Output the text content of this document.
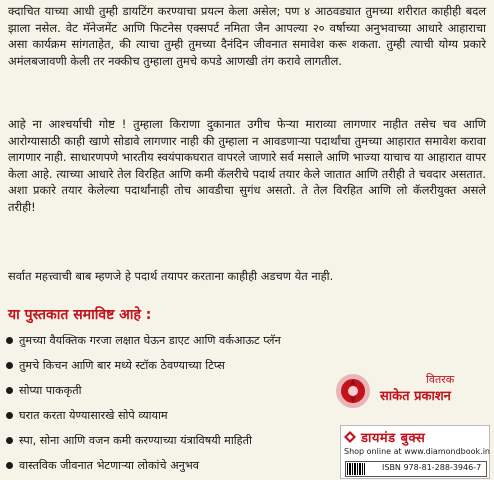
क्दाचित याच्या आधी तुम्ही डायटिंग करण्याचा प्रयत्न केला असेल; पण ४ आठवड्यात तुमच्या शरीरात काहीही बदल झाला नसेल. वेट मॅनेजमेंट आणि फिटनेस एक्सपर्ट नमिता जैन आपल्या २० वर्षाच्या अनुभवाच्या आधारे आहाराचा असा कार्यक्रम सांगताहेत, की त्याचा तुम्ही तुमच्या दैनंदिन जीवनात समावेश करू शकता. तुम्ही त्याची योग्य प्रकारे अमंलबजावणी केली तर नक्कीच तुम्हाला तुमचे कपडे आणखी तंग करावे लागतील.

आहे ना आश्चर्याची गोष्ट ! तुम्हाला किराणा दुकानात उगीच फेऱ्या माराव्या लागणार नाहीत तसेच चव आणि आरोग्यासाठी काही खाणे सोडावे लागणार नाही की तुम्हाला न आवडणाऱ्या पदार्थांचा तुमच्या आहारात समावेश करावा लागणार नाही. साधारणपणे भारतीय स्वयंपाकघरात वापरले जाणारे सर्व मसाले आणि भाज्या याचाच या आहारात वापर केला आहे. त्याच्या आधारे तेल विरहित आणि कमी कॅलरीचे पदार्थ तयार केले जातात आणि तरीही ते चवदार असतात. अशा प्रकारे तयार केलेल्या पदार्थांनाही तोच आवडीचा सुगंध असतो. ते तेल विरहित आणि लो कॅलरीयुक्त असले तरीही!

सर्वात महत्त्वाची बाब म्हणजे हे पदार्थ तयापर करताना काहीही अडचण येत नाही.

या पुस्तकात समाविष्ट आहे :
तुमच्या वैयक्तिक गरजा लक्षात घेऊन डाएट आणि वर्कआऊट प्लॅन
तुमचे किचन आणि बार मध्ये स्टॉक ठेवण्याच्या टिप्स
सोप्या पाककृती
घरात करता येण्यासारखे सोपे व्यायाम
स्पा, सोना आणि वजन कमी करण्याच्या यंत्राविषयी माहिती
वास्तविक जीवनात भेटणाऱ्या लोकांचे अनुभव
वितरक
साकेत प्रकाशन
डायमंड बुक्स
Shop online at www.diamondbook.in
ISBN 978-81-288-3946-7
